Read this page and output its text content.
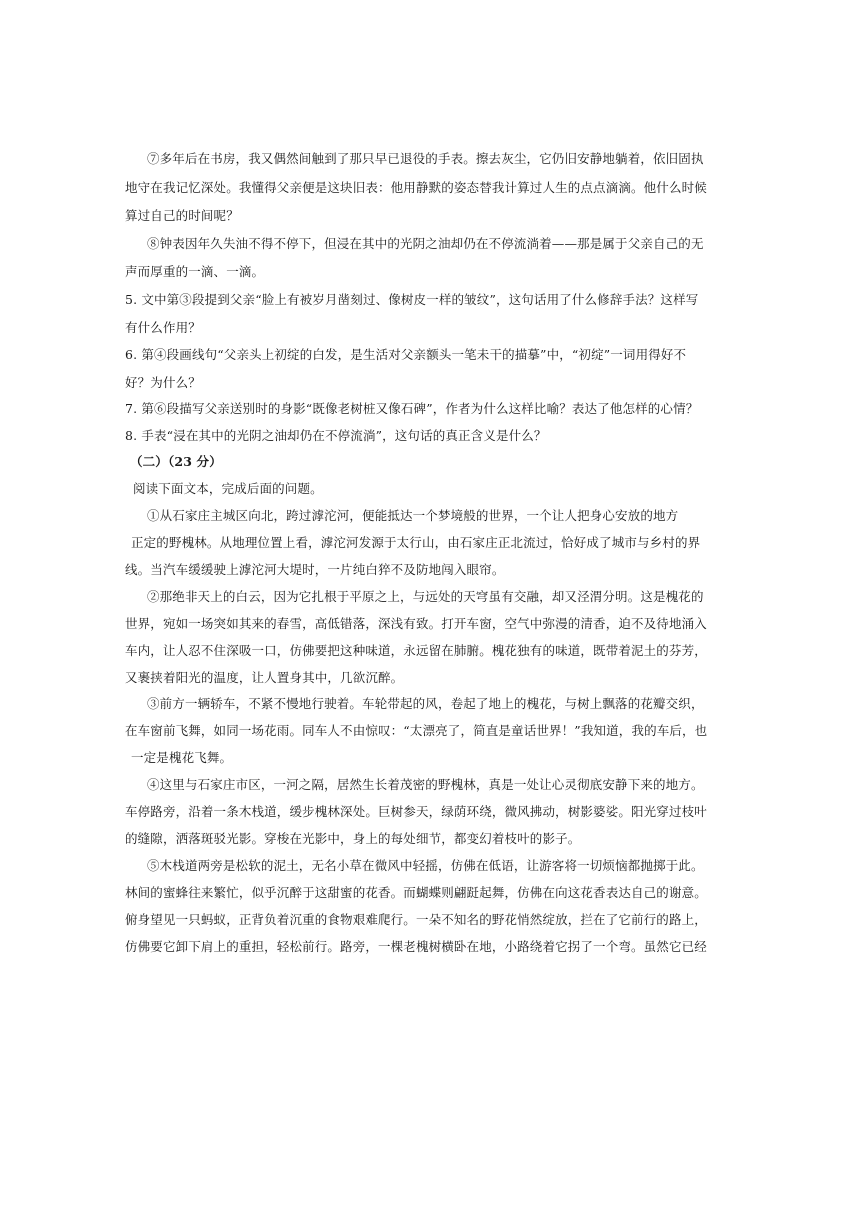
⑦多年后在书房，我又偶然间触到了那只早已退役的手表。擦去灰尘，它仍旧安静地躺着，依旧固执
地守在我记忆深处。我懂得父亲便是这块旧表：他用静默的姿态替我计算过人生的点点滴滴。他什么时候
算过自己的时间呢？
⑧钟表因年久失油不得不停下，但浸在其中的光阴之油却仍在不停流淌着——那是属于父亲自己的无
声而厚重的一滴、一滴。
5. 文中第③段提到父亲“脸上有被岁月凿刻过、像树皮一样的皱纹”，这句话用了什么修辞手法？这样写
有什么作用？
6. 第④段画线句“父亲头上初绽的白发，是生活对父亲额头一笔未干的描摹”中，“初绽”一词用得好不
好？为什么？
7. 第⑥段描写父亲送别时的身影“既像老树桩又像石碑”，作者为什么这样比喻？表达了他怎样的心情？
8. 手表“浸在其中的光阴之油却仍在不停流淌”，这句话的真正含义是什么？
（二）（23 分）
阅读下面文本，完成后面的问题。
①从石家庄主城区向北，跨过滹沱河，便能抵达一个梦境般的世界，一个让人把身心安放的地方
正定的野槐林。从地理位置上看，滹沱河发源于太行山，由石家庄正北流过，恰好成了城市与乡村的界
线。当汽车缓缓驶上滹沱河大堤时，一片纯白猝不及防地闯入眼帘。
②那绝非天上的白云，因为它扎根于平原之上，与远处的天穹虽有交融，却又泾渭分明。这是槐花的
世界，宛如一场突如其来的春雪，高低错落，深浅有致。打开车窗，空气中弥漫的清香，迫不及待地涌入
车内，让人忍不住深吸一口，仿佛要把这种味道，永远留在肺腑。槐花独有的味道，既带着泥土的芬芳，
又裹挟着阳光的温度，让人置身其中，几欲沉醉。
③前方一辆轿车，不紧不慢地行驶着。车轮带起的风，卷起了地上的槐花，与树上飘落的花瓣交织，
在车窗前飞舞，如同一场花雨。同车人不由惊叹：“太漂亮了，简直是童话世界！”我知道，我的车后，也
一定是槐花飞舞。
④这里与石家庄市区，一河之隔，居然生长着茂密的野槐林，真是一处让心灵彻底安静下来的地方。
车停路旁，沿着一条木栈道，缓步槐林深处。巨树参天，绿荫环绕，微风拂动，树影婆娑。阳光穿过枝叶
的缝隙，洒落斑驳光影。穿梭在光影中，身上的每处细节，都变幻着枝叶的影子。
⑤木栈道两旁是松软的泥土，无名小草在微风中轻摇，仿佛在低语，让游客将一切烦恼都抛掷于此。
林间的蜜蜂往来繁忙，似乎沉醉于这甜蜜的花香。而蝴蝶则翩跹起舞，仿佛在向这花香表达自己的谢意。
俯身望见一只蚂蚁，正背负着沉重的食物艰难爬行。一朵不知名的野花悄然绽放，拦在了它前行的路上，
仿佛要它卸下肩上的重担，轻松前行。路旁，一棵老槐树横卧在地，小路绕着它拐了一个弯。虽然它已经
